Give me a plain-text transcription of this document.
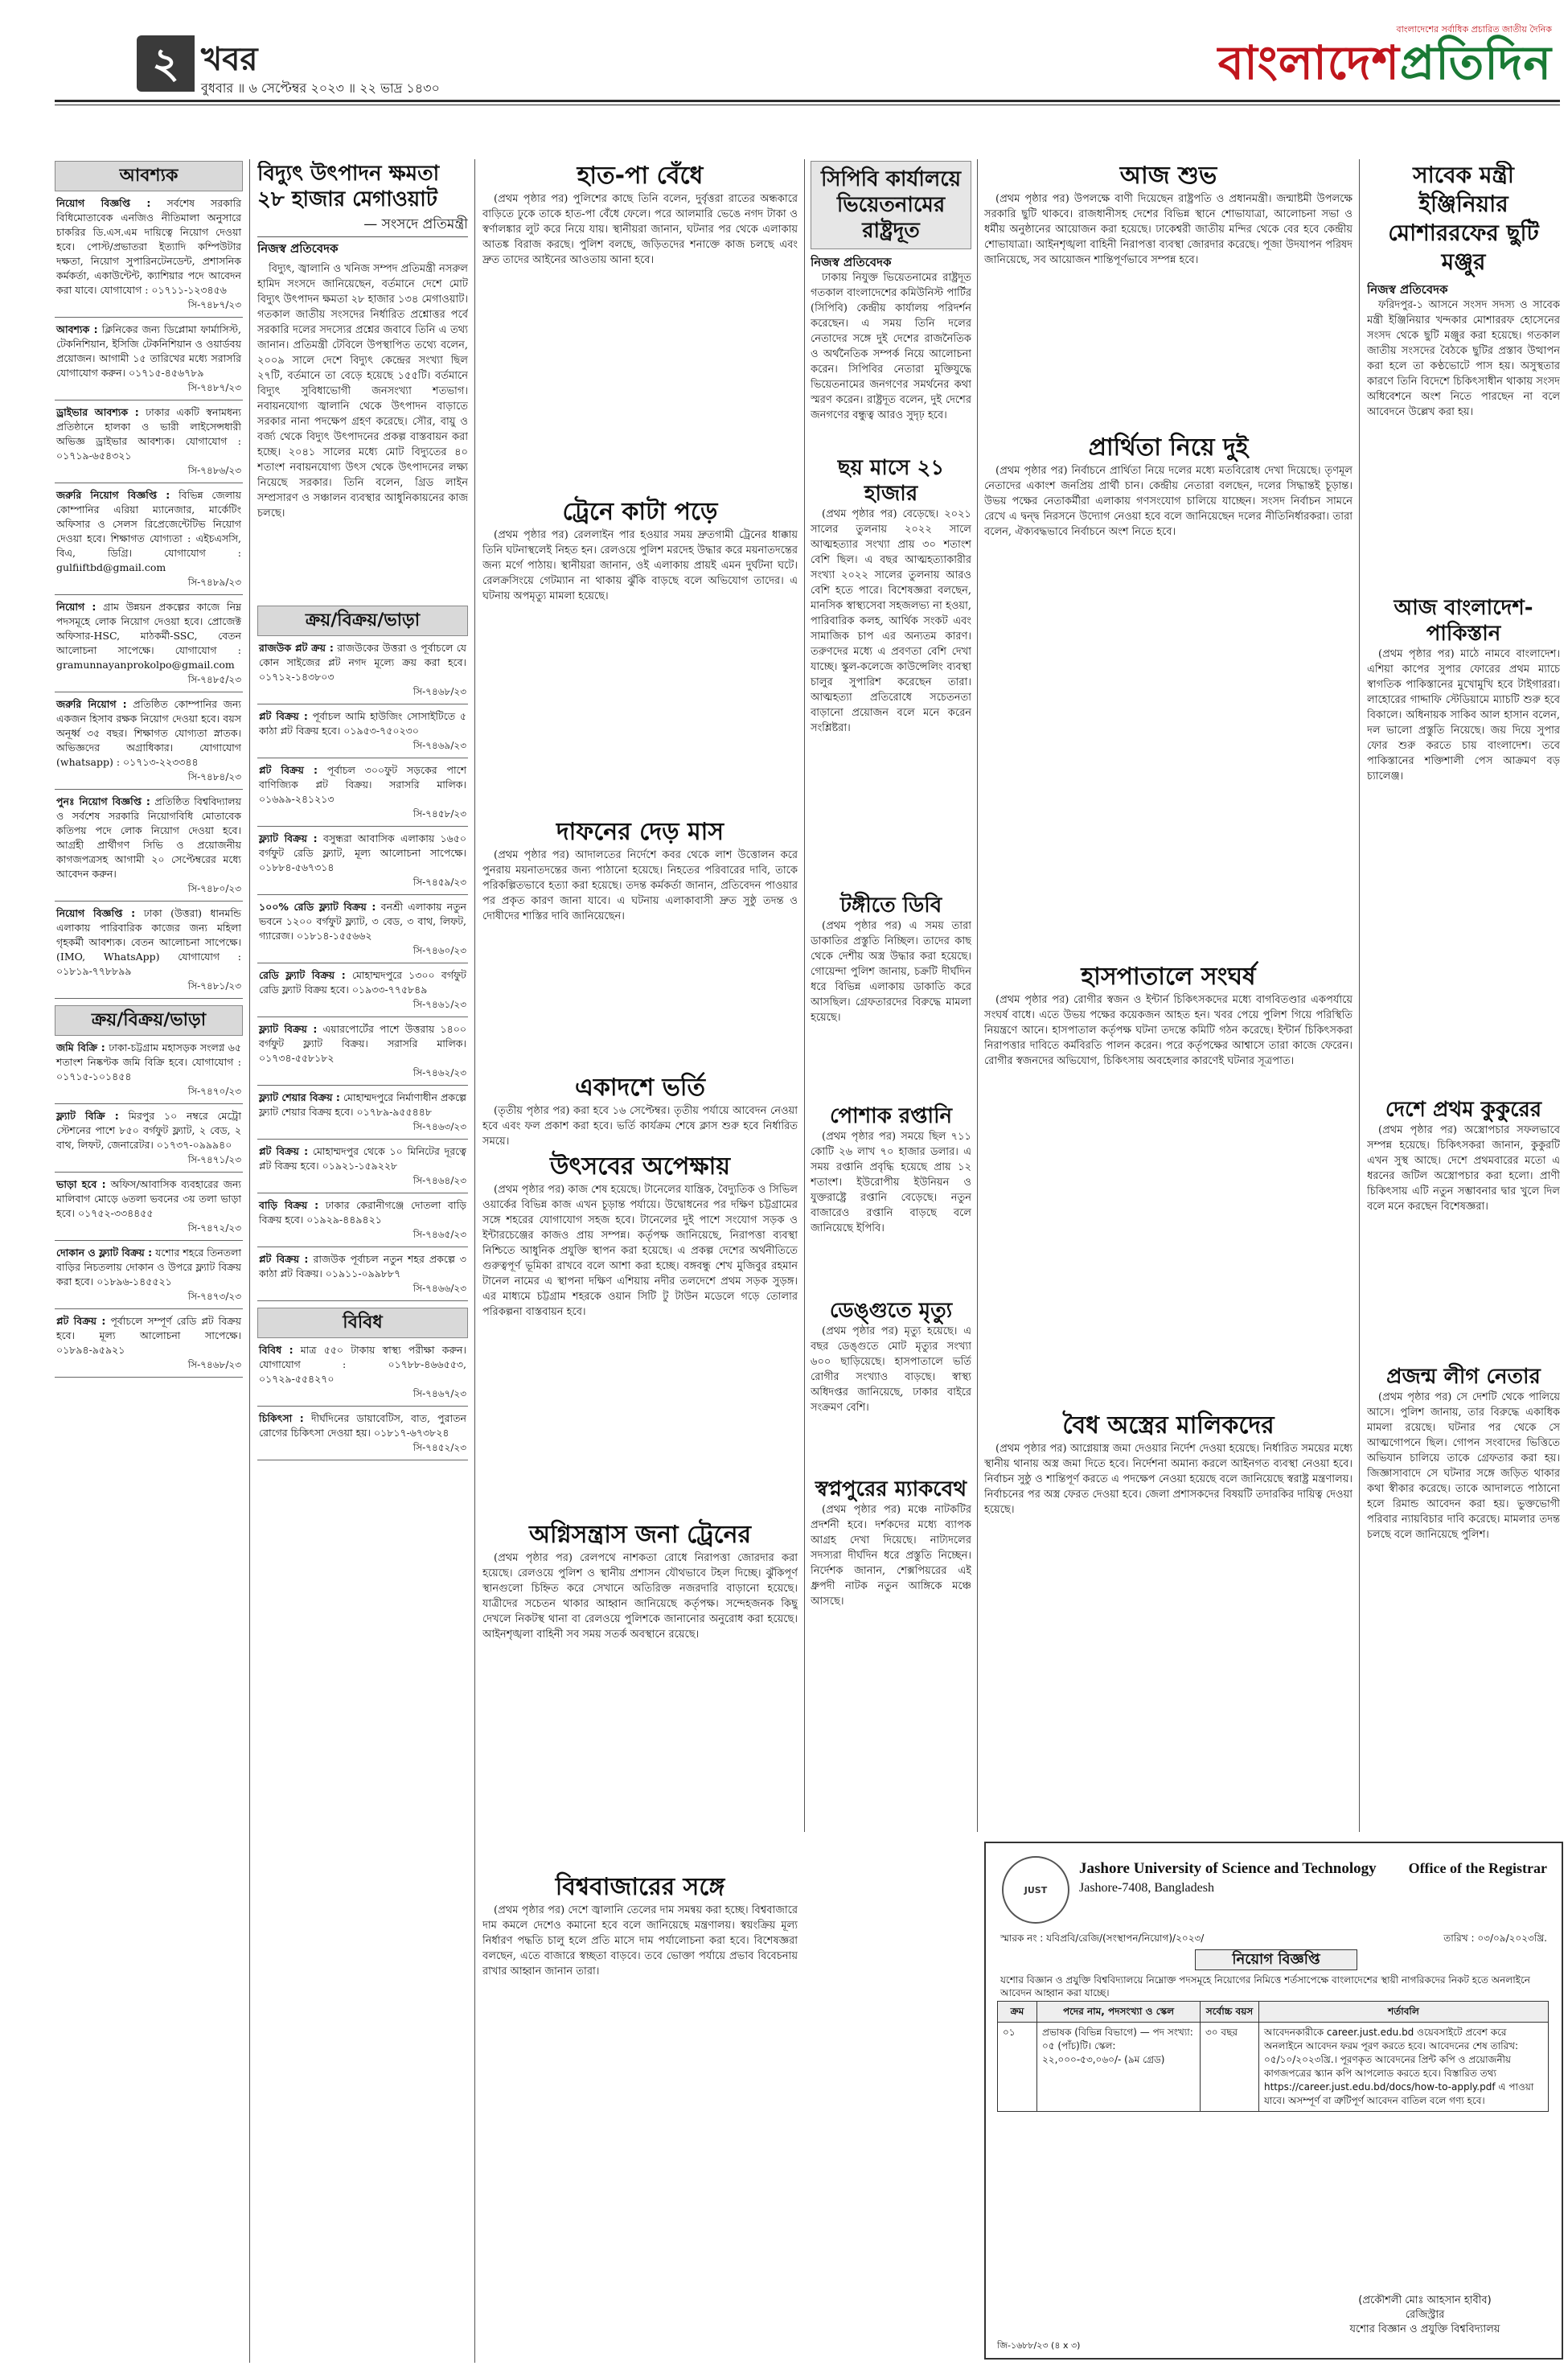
২ খবর
বুধবার ॥ ৬ সেপ্টেম্বর ২০২৩ ॥ ২২ ভাদ্র ১৪৩০
বাংলাদেশের সর্বাধিক প্রচারিত জাতীয় দৈনিক
বাংলাদেশপ্রতিদিন
আবশ্যক
নিয়োগ বিজ্ঞপ্তি : সর্বশেষ সরকারি বিধিমোতাবেক এনজিও নীতিমালা অনুসারে চাকরির ডি.এস.এম দায়িত্বে নিয়োগ দেওয়া হবে। পোস্ট/প্রভাতরা ইত্যাদি কম্পিউটার দক্ষতা, নিয়োগ সুপারিনটেনডেন্ট, প্রশাসনিক কর্মকর্তা, একাউন্টেন্ট, ক্যাশিয়ার পদে আবেদন করা যাবে। যোগাযোগ : ০১৭১১-১২৩৪৫৬
সি-৭৪৮৭/২৩
আবশ্যক : ক্লিনিকের জন্য ডিপ্লোমা ফার্মাসিস্ট, টেকনিশিয়ান, ইসিজি টেকনিশিয়ান ও ওয়ার্ডবয় প্রয়োজন। আগামী ১৫ তারিখের মধ্যে সরাসরি যোগাযোগ করুন। ০১৭১৫-৪৫৬৭৮৯
সি-৭৪৮৭/২৩
ড্রাইভার আবশ্যক : ঢাকার একটি স্বনামধন্য প্রতিষ্ঠানে হালকা ও ভারী লাইসেন্সধারী অভিজ্ঞ ড্রাইভার আবশ্যক। যোগাযোগ : ০১৭১৯-৬৫৪৩২১
সি-৭৪৮৬/২৩
জরুরি নিয়োগ বিজ্ঞপ্তি : বিভিন্ন জেলায় কোম্পানির এরিয়া ম্যানেজার, মার্কেটিং অফিসার ও সেলস রিপ্রেজেন্টেটিভ নিয়োগ দেওয়া হবে। শিক্ষাগত যোগ্যতা : এইচএসসি, বিএ, ডিগ্রি। যোগাযোগ : gulfiiftbd@gmail.com
সি-৭৪৮৯/২৩
নিয়োগ : গ্রাম উন্নয়ন প্রকল্পের কাজে নিম্ন পদসমূহে লোক নিয়োগ দেওয়া হবে। প্রোজেক্ট অফিসার-HSC, মাঠকর্মী-SSC, বেতন আলোচনা সাপেক্ষে। যোগাযোগ : gramunnayanprokolpo@gmail.com
সি-৭৪৮৫/২৩
জরুরি নিয়োগ : প্রতিষ্ঠিত কোম্পানির জন্য একজন হিসাব রক্ষক নিয়োগ দেওয়া হবে। বয়স অনূর্ধ্ব ৩৫ বছর। শিক্ষাগত যোগ্যতা স্নাতক। অভিজ্ঞদের অগ্রাধিকার। যোগাযোগ (whatsapp) : ০১৭১৩-২২৩৩৪৪
সি-৭৪৮৪/২৩
পুনঃ নিয়োগ বিজ্ঞপ্তি : প্রতিষ্ঠিত বিশ্ববিদ্যালয় ও সর্বশেষ সরকারি নিয়োগবিধি মোতাবেক কতিপয় পদে লোক নিয়োগ দেওয়া হবে। আগ্রহী প্রার্থীগণ সিভি ও প্রয়োজনীয় কাগজপত্রসহ আগামী ২০ সেপ্টেম্বরের মধ্যে আবেদন করুন।
সি-৭৪৮০/২৩
নিয়োগ বিজ্ঞপ্তি : ঢাকা (উত্তরা) ধানমন্ডি এলাকায় পারিবারিক কাজের জন্য মহিলা গৃহকর্মী আবশ্যক। বেতন আলোচনা সাপেক্ষে। (IMO, WhatsApp) যোগাযোগ : ০১৮১৯-৭৭৮৮৯৯
সি-৭৪৮১/২৩
ক্রয়/বিক্রয়/ভাড়া
জমি বিক্রি : ঢাকা-চট্টগ্রাম মহাসড়ক সংলগ্ন ৬৫ শতাংশ নিষ্কণ্টক জমি বিক্রি হবে। যোগাযোগ : ০১৭১৫-১০১৪৫৪
সি-৭৪৭০/২৩
ফ্ল্যাট বিক্রি : মিরপুর ১০ নম্বরে মেট্রো স্টেশনের পাশে ৮৫০ বর্গফুট ফ্ল্যাট, ২ বেড, ২ বাথ, লিফট, জেনারেটর। ০১৭৩৭-০৯৯৯৪০
সি-৭৪৭১/২৩
ভাড়া হবে : অফিস/আবাসিক ব্যবহারের জন্য মালিবাগ মোড়ে ৬তলা ভবনের ৩য় তলা ভাড়া হবে। ০১৭৫২-৩৩৪৪৫৫
সি-৭৪৭২/২৩
দোকান ও ফ্ল্যাট বিক্রয় : যশোর শহরে তিনতলা বাড়ির নিচতলায় দোকান ও উপরে ফ্ল্যাট বিক্রয় করা হবে। ০১৮৯৬-১৪৫৫২১
সি-৭৪৭৩/২৩
প্লট বিক্রয় : পূর্বাচলে সম্পূর্ণ রেডি প্লট বিক্রয় হবে। মূল্য আলোচনা সাপেক্ষে। ০১৮৯৪-৯৫৯২১
সি-৭৪৬৮/২৩
বিদ্যুৎ উৎপাদন ক্ষমতা ২৮ হাজার মেগাওয়াট
— সংসদে প্রতিমন্ত্রী
নিজস্ব প্রতিবেদক

বিদ্যুৎ, জ্বালানি ও খনিজ সম্পদ প্রতিমন্ত্রী নসরুল হামিদ সংসদে জানিয়েছেন, বর্তমানে দেশে মোট বিদ্যুৎ উৎপাদন ক্ষমতা ২৮ হাজার ১৩৪ মেগাওয়াট। গতকাল জাতীয় সংসদের নির্ধারিত প্রশ্নোত্তর পর্বে সরকারি দলের সদস্যের প্রশ্নের জবাবে তিনি এ তথ্য জানান। প্রতিমন্ত্রী টেবিলে উপস্থাপিত তথ্যে বলেন, ২০০৯ সালে দেশে বিদ্যুৎ কেন্দ্রের সংখ্যা ছিল ২৭টি, বর্তমানে তা বেড়ে হয়েছে ১৫৫টি। বর্তমানে বিদ্যুৎ সুবিধাভোগী জনসংখ্যা শতভাগ। নবায়নযোগ্য জ্বালানি থেকে উৎপাদন বাড়াতে সরকার নানা পদক্ষেপ গ্রহণ করেছে। সৌর, বায়ু ও বর্জ্য থেকে বিদ্যুৎ উৎপাদনের প্রকল্প বাস্তবায়ন করা হচ্ছে। ২০৪১ সালের মধ্যে মোট বিদ্যুতের ৪০ শতাংশ নবায়নযোগ্য উৎস থেকে উৎপাদনের লক্ষ্য নিয়েছে সরকার। তিনি বলেন, গ্রিড লাইন সম্প্রসারণ ও সঞ্চালন ব্যবস্থার আধুনিকায়নের কাজ চলছে।

ক্রয়/বিক্রয়/ভাড়া
রাজউক প্লট ক্রয় : রাজউকের উত্তরা ও পূর্বাচলে যে কোন সাইজের প্লট নগদ মূল্যে ক্রয় করা হবে। ০১৭১২-১৪৩৮০৩
সি-৭৪৬৮/২৩
প্লট বিক্রয় : পূর্বাচল আমি হাউজিং সোসাইটিতে ৫ কাঠা প্লট বিক্রয় হবে। ০১৯৫৩-৭৫০২৩০
সি-৭৪৬৯/২৩
প্লট বিক্রয় : পূর্বাচল ৩০০ফুট সড়কের পাশে বাণিজ্যিক প্লট বিক্রয়। সরাসরি মালিক। ০১৬৯৯-২৪১২১৩
সি-৭৪৫৮/২৩
ফ্ল্যাট বিক্রয় : বসুন্ধরা আবাসিক এলাকায় ১৬৫০ বর্গফুট রেডি ফ্ল্যাট, মূল্য আলোচনা সাপেক্ষে। ০১৮৮৪-৫৬৭৩১৪
সি-৭৪৫৯/২৩
১০০% রেডি ফ্ল্যাট বিক্রয় : বনশ্রী এলাকায় নতুন ভবনে ১২০০ বর্গফুট ফ্ল্যাট, ৩ বেড, ৩ বাথ, লিফট, গ্যারেজ। ০১৮১৪-১৫৫৬৬২
সি-৭৪৬০/২৩
রেডি ফ্ল্যাট বিক্রয় : মোহাম্মদপুরে ১৩০০ বর্গফুট রেডি ফ্ল্যাট বিক্রয় হবে। ০১৯৩৩-৭৭৫৮৪৯
সি-৭৪৬১/২৩
ফ্ল্যাট বিক্রয় : এয়ারপোর্টের পাশে উত্তরায় ১৪০০ বর্গফুট ফ্ল্যাট বিক্রয়। সরাসরি মালিক। ০১৭৩৪-৫৫৮১৮২
সি-৭৪৬২/২৩
ফ্ল্যাট শেয়ার বিক্রয় : মোহাম্মদপুরে নির্মাণাধীন প্রকল্পে ফ্ল্যাট শেয়ার বিক্রয় হবে। ০১৭৮৯-৯৫৫৪৪৮
সি-৭৪৬৩/২৩
প্লট বিক্রয় : মোহাম্মদপুর থেকে ১০ মিনিটের দূরত্বে প্লট বিক্রয় হবে। ০১৯২১-১৫৯২২৮
সি-৭৪৬৪/২৩
বাড়ি বিক্রয় : ঢাকার কেরানীগঞ্জে দোতলা বাড়ি বিক্রয় হবে। ০১৯২৯-৪৪৯৪২১
সি-৭৪৬৫/২৩
প্লট বিক্রয় : রাজউক পূর্বাচল নতুন শহর প্রকল্পে ৩ কাঠা প্লট বিক্রয়। ০১৯১১-০৯৯৮৮৭
সি-৭৪৬৬/২৩
বিবিধ
বিবিধ : মাত্র ৫৫০ টাকায় স্বাস্থ্য পরীক্ষা করুন। যোগাযোগ : ০১৭৮৮-৪৬৬৫৫৩, ০১৭২৯-৫৫৪২৭০
সি-৭৪৬৭/২৩
চিকিৎসা : দীর্ঘদিনের ডায়াবেটিস, বাত, পুরাতন রোগের চিকিৎসা দেওয়া হয়। ০১৮১৭-৬৭৩৮২৪
সি-৭৪৫২/২৩
হাত-পা বেঁধে

(প্রথম পৃষ্ঠার পর) পুলিশের কাছে তিনি বলেন, দুর্বৃত্তরা রাতের অন্ধকারে বাড়িতে ঢুকে তাকে হাত-পা বেঁধে ফেলে। পরে আলমারি ভেঙে নগদ টাকা ও স্বর্ণালঙ্কার লুট করে নিয়ে যায়। স্থানীয়রা জানান, ঘটনার পর থেকে এলাকায় আতঙ্ক বিরাজ করছে। পুলিশ বলছে, জড়িতদের শনাক্তে কাজ চলছে এবং দ্রুত তাদের আইনের আওতায় আনা হবে।

ট্রেনে কাটা পড়ে

(প্রথম পৃষ্ঠার পর) রেললাইন পার হওয়ার সময় দ্রুতগামী ট্রেনের ধাক্কায় তিনি ঘটনাস্থলেই নিহত হন। রেলওয়ে পুলিশ মরদেহ উদ্ধার করে ময়নাতদন্তের জন্য মর্গে পাঠায়। স্থানীয়রা জানান, ওই এলাকায় প্রায়ই এমন দুর্ঘটনা ঘটে। রেলক্রসিংয়ে গেটম্যান না থাকায় ঝুঁকি বাড়ছে বলে অভিযোগ তাদের। এ ঘটনায় অপমৃত্যু মামলা হয়েছে।

দাফনের দেড় মাস

(প্রথম পৃষ্ঠার পর) আদালতের নির্দেশে কবর থেকে লাশ উত্তোলন করে পুনরায় ময়নাতদন্তের জন্য পাঠানো হয়েছে। নিহতের পরিবারের দাবি, তাকে পরিকল্পিতভাবে হত্যা করা হয়েছে। তদন্ত কর্মকর্তা জানান, প্রতিবেদন পাওয়ার পর প্রকৃত কারণ জানা যাবে। এ ঘটনায় এলাকাবাসী দ্রুত সুষ্ঠু তদন্ত ও দোষীদের শাস্তির দাবি জানিয়েছেন।

একাদশে ভর্তি

(তৃতীয় পৃষ্ঠার পর) করা হবে ১৬ সেপ্টেম্বর। তৃতীয় পর্যায়ে আবেদন নেওয়া হবে এবং ফল প্রকাশ করা হবে। ভর্তি কার্যক্রম শেষে ক্লাস শুরু হবে নির্ধারিত সময়ে।

উৎসবের অপেক্ষায়

(প্রথম পৃষ্ঠার পর) কাজ শেষ হয়েছে। টানেলের যান্ত্রিক, বৈদ্যুতিক ও সিভিল ওয়ার্কের বিভিন্ন কাজ এখন চূড়ান্ত পর্যায়ে। উদ্বোধনের পর দক্ষিণ চট্টগ্রামের সঙ্গে শহরের যোগাযোগ সহজ হবে। টানেলের দুই পাশে সংযোগ সড়ক ও ইন্টারচেঞ্জের কাজও প্রায় সম্পন্ন। কর্তৃপক্ষ জানিয়েছে, নিরাপত্তা ব্যবস্থা নিশ্চিতে আধুনিক প্রযুক্তি স্থাপন করা হয়েছে। এ প্রকল্প দেশের অর্থনীতিতে গুরুত্বপূর্ণ ভূমিকা রাখবে বলে আশা করা হচ্ছে। বঙ্গবন্ধু শেখ মুজিবুর রহমান টানেল নামের এ স্থাপনা দক্ষিণ এশিয়ায় নদীর তলদেশে প্রথম সড়ক সুড়ঙ্গ। এর মাধ্যমে চট্টগ্রাম শহরকে ওয়ান সিটি টু টাউন মডেলে গড়ে তোলার পরিকল্পনা বাস্তবায়ন হবে।

অগ্নিসন্ত্রাস জনা ট্রেনের

(প্রথম পৃষ্ঠার পর) রেলপথে নাশকতা রোধে নিরাপত্তা জোরদার করা হয়েছে। রেলওয়ে পুলিশ ও স্থানীয় প্রশাসন যৌথভাবে টহল দিচ্ছে। ঝুঁকিপূর্ণ স্থানগুলো চিহ্নিত করে সেখানে অতিরিক্ত নজরদারি বাড়ানো হয়েছে। যাত্রীদের সচেতন থাকার আহ্বান জানিয়েছে কর্তৃপক্ষ। সন্দেহজনক কিছু দেখলে নিকটস্থ থানা বা রেলওয়ে পুলিশকে জানানোর অনুরোধ করা হয়েছে। আইনশৃঙ্খলা বাহিনী সব সময় সতর্ক অবস্থানে রয়েছে।

বিশ্ববাজারের সঙ্গে

(প্রথম পৃষ্ঠার পর) দেশে জ্বালানি তেলের দাম সমন্বয় করা হচ্ছে। বিশ্ববাজারে দাম কমলে দেশেও কমানো হবে বলে জানিয়েছে মন্ত্রণালয়। স্বয়ংক্রিয় মূল্য নির্ধারণ পদ্ধতি চালু হলে প্রতি মাসে দাম পর্যালোচনা করা হবে। বিশেষজ্ঞরা বলছেন, এতে বাজারে স্বচ্ছতা বাড়বে। তবে ভোক্তা পর্যায়ে প্রভাব বিবেচনায় রাখার আহ্বান জানান তারা।

সিপিবি কার্যালয়ে ভিয়েতনামের রাষ্ট্রদূত
নিজস্ব প্রতিবেদক

ঢাকায় নিযুক্ত ভিয়েতনামের রাষ্ট্রদূত গতকাল বাংলাদেশের কমিউনিস্ট পার্টির (সিপিবি) কেন্দ্রীয় কার্যালয় পরিদর্শন করেছেন। এ সময় তিনি দলের নেতাদের সঙ্গে দুই দেশের রাজনৈতিক ও অর্থনৈতিক সম্পর্ক নিয়ে আলোচনা করেন। সিপিবির নেতারা মুক্তিযুদ্ধে ভিয়েতনামের জনগণের সমর্থনের কথা স্মরণ করেন। রাষ্ট্রদূত বলেন, দুই দেশের জনগণের বন্ধুত্ব আরও সুদৃঢ় হবে।

ছয় মাসে ২১ হাজার

(প্রথম পৃষ্ঠার পর) বেড়েছে। ২০২১ সালের তুলনায় ২০২২ সালে আত্মহত্যার সংখ্যা প্রায় ৩০ শতাংশ বেশি ছিল। এ বছর আত্মহত্যাকারীর সংখ্যা ২০২২ সালের তুলনায় আরও বেশি হতে পারে। বিশেষজ্ঞরা বলছেন, মানসিক স্বাস্থ্যসেবা সহজলভ্য না হওয়া, পারিবারিক কলহ, আর্থিক সংকট এবং সামাজিক চাপ এর অন্যতম কারণ। তরুণদের মধ্যে এ প্রবণতা বেশি দেখা যাচ্ছে। স্কুল-কলেজে কাউন্সেলিং ব্যবস্থা চালুর সুপারিশ করেছেন তারা। আত্মহত্যা প্রতিরোধে সচেতনতা বাড়ানো প্রয়োজন বলে মনে করেন সংশ্লিষ্টরা।

টঙ্গীতে ডিবি

(প্রথম পৃষ্ঠার পর) এ সময় তারা ডাকাতির প্রস্তুতি নিচ্ছিল। তাদের কাছ থেকে দেশীয় অস্ত্র উদ্ধার করা হয়েছে। গোয়েন্দা পুলিশ জানায়, চক্রটি দীর্ঘদিন ধরে বিভিন্ন এলাকায় ডাকাতি করে আসছিল। গ্রেফতারদের বিরুদ্ধে মামলা হয়েছে।

পোশাক রপ্তানি

(প্রথম পৃষ্ঠার পর) সময়ে ছিল ৭১১ কোটি ২৬ লাখ ৭০ হাজার ডলার। এ সময় রপ্তানি প্রবৃদ্ধি হয়েছে প্রায় ১২ শতাংশ। ইউরোপীয় ইউনিয়ন ও যুক্তরাষ্ট্রে রপ্তানি বেড়েছে। নতুন বাজারেও রপ্তানি বাড়ছে বলে জানিয়েছে ইপিবি।

ডেঙ্গুতে মৃত্যু

(প্রথম পৃষ্ঠার পর) মৃত্যু হয়েছে। এ বছর ডেঙ্গুতে মোট মৃত্যুর সংখ্যা ৬০০ ছাড়িয়েছে। হাসপাতালে ভর্তি রোগীর সংখ্যাও বাড়ছে। স্বাস্থ্য অধিদপ্তর জানিয়েছে, ঢাকার বাইরে সংক্রমণ বেশি।

স্বপ্নপুরের ম্যাকবেথ

(প্রথম পৃষ্ঠার পর) মঞ্চে নাটকটির প্রদর্শনী হবে। দর্শকদের মধ্যে ব্যাপক আগ্রহ দেখা দিয়েছে। নাট্যদলের সদস্যরা দীর্ঘদিন ধরে প্রস্তুতি নিচ্ছেন। নির্দেশক জানান, শেক্সপিয়রের এই ধ্রুপদী নাটক নতুন আঙ্গিকে মঞ্চে আসছে।

আজ শুভ

(প্রথম পৃষ্ঠার পর) উপলক্ষে বাণী দিয়েছেন রাষ্ট্রপতি ও প্রধানমন্ত্রী। জন্মাষ্টমী উপলক্ষে সরকারি ছুটি থাকবে। রাজধানীসহ দেশের বিভিন্ন স্থানে শোভাযাত্রা, আলোচনা সভা ও ধর্মীয় অনুষ্ঠানের আয়োজন করা হয়েছে। ঢাকেশ্বরী জাতীয় মন্দির থেকে বের হবে কেন্দ্রীয় শোভাযাত্রা। আইনশৃঙ্খলা বাহিনী নিরাপত্তা ব্যবস্থা জোরদার করেছে। পূজা উদযাপন পরিষদ জানিয়েছে, সব আয়োজন শান্তিপূর্ণভাবে সম্পন্ন হবে।

প্রার্থিতা নিয়ে দুই

(প্রথম পৃষ্ঠার পর) নির্বাচনে প্রার্থিতা নিয়ে দলের মধ্যে মতবিরোধ দেখা দিয়েছে। তৃণমূল নেতাদের একাংশ জনপ্রিয় প্রার্থী চান। কেন্দ্রীয় নেতারা বলছেন, দলের সিদ্ধান্তই চূড়ান্ত। উভয় পক্ষের নেতাকর্মীরা এলাকায় গণসংযোগ চালিয়ে যাচ্ছেন। সংসদ নির্বাচন সামনে রেখে এ দ্বন্দ্ব নিরসনে উদ্যোগ নেওয়া হবে বলে জানিয়েছেন দলের নীতিনির্ধারকরা। তারা বলেন, ঐক্যবদ্ধভাবে নির্বাচনে অংশ নিতে হবে।

হাসপাতালে সংঘর্ষ

(প্রথম পৃষ্ঠার পর) রোগীর স্বজন ও ইন্টার্ন চিকিৎসকদের মধ্যে বাগবিতণ্ডার একপর্যায়ে সংঘর্ষ বাধে। এতে উভয় পক্ষের কয়েকজন আহত হন। খবর পেয়ে পুলিশ গিয়ে পরিস্থিতি নিয়ন্ত্রণে আনে। হাসপাতাল কর্তৃপক্ষ ঘটনা তদন্তে কমিটি গঠন করেছে। ইন্টার্ন চিকিৎসকরা নিরাপত্তার দাবিতে কর্মবিরতি পালন করেন। পরে কর্তৃপক্ষের আশ্বাসে তারা কাজে ফেরেন। রোগীর স্বজনদের অভিযোগ, চিকিৎসায় অবহেলার কারণেই ঘটনার সূত্রপাত।

বৈধ অস্ত্রের মালিকদের

(প্রথম পৃষ্ঠার পর) আগ্নেয়াস্ত্র জমা দেওয়ার নির্দেশ দেওয়া হয়েছে। নির্ধারিত সময়ের মধ্যে স্থানীয় থানায় অস্ত্র জমা দিতে হবে। নির্দেশনা অমান্য করলে আইনগত ব্যবস্থা নেওয়া হবে। নির্বাচন সুষ্ঠু ও শান্তিপূর্ণ করতে এ পদক্ষেপ নেওয়া হয়েছে বলে জানিয়েছে স্বরাষ্ট্র মন্ত্রণালয়। নির্বাচনের পর অস্ত্র ফেরত দেওয়া হবে। জেলা প্রশাসকদের বিষয়টি তদারকির দায়িত্ব দেওয়া হয়েছে।

সাবেক মন্ত্রী ইঞ্জিনিয়ার মোশাররফের ছুটি মঞ্জুর
নিজস্ব প্রতিবেদক

ফরিদপুর-১ আসনে সংসদ সদস্য ও সাবেক মন্ত্রী ইঞ্জিনিয়ার খন্দকার মোশাররফ হোসেনের সংসদ থেকে ছুটি মঞ্জুর করা হয়েছে। গতকাল জাতীয় সংসদের বৈঠকে ছুটির প্রস্তাব উত্থাপন করা হলে তা কণ্ঠভোটে পাস হয়। অসুস্থতার কারণে তিনি বিদেশে চিকিৎসাধীন থাকায় সংসদ অধিবেশনে অংশ নিতে পারছেন না বলে আবেদনে উল্লেখ করা হয়।

আজ বাংলাদেশ-পাকিস্তান

(প্রথম পৃষ্ঠার পর) মাঠে নামবে বাংলাদেশ। এশিয়া কাপের সুপার ফোরের প্রথম ম্যাচে স্বাগতিক পাকিস্তানের মুখোমুখি হবে টাইগাররা। লাহোরের গাদ্দাফি স্টেডিয়ামে ম্যাচটি শুরু হবে বিকালে। অধিনায়ক সাকিব আল হাসান বলেন, দল ভালো প্রস্তুতি নিয়েছে। জয় দিয়ে সুপার ফোর শুরু করতে চায় বাংলাদেশ। তবে পাকিস্তানের শক্তিশালী পেস আক্রমণ বড় চ্যালেঞ্জ।

দেশে প্রথম কুকুরের

(প্রথম পৃষ্ঠার পর) অস্ত্রোপচার সফলভাবে সম্পন্ন হয়েছে। চিকিৎসকরা জানান, কুকুরটি এখন সুস্থ আছে। দেশে প্রথমবারের মতো এ ধরনের জটিল অস্ত্রোপচার করা হলো। প্রাণী চিকিৎসায় এটি নতুন সম্ভাবনার দ্বার খুলে দিল বলে মনে করছেন বিশেষজ্ঞরা।

প্রজন্ম লীগ নেতার

(প্রথম পৃষ্ঠার পর) সে দেশটি থেকে পালিয়ে আসে। পুলিশ জানায়, তার বিরুদ্ধে একাধিক মামলা রয়েছে। ঘটনার পর থেকে সে আত্মগোপনে ছিল। গোপন সংবাদের ভিত্তিতে অভিযান চালিয়ে তাকে গ্রেফতার করা হয়। জিজ্ঞাসাবাদে সে ঘটনার সঙ্গে জড়িত থাকার কথা স্বীকার করেছে। তাকে আদালতে পাঠানো হলে রিমান্ড আবেদন করা হয়। ভুক্তভোগী পরিবার ন্যায়বিচার দাবি করেছে। মামলার তদন্ত চলছে বলে জানিয়েছে পুলিশ।

JUST
Jashore University of Science and Technology
Jashore-7408, Bangladesh
Office of the Registrar
স্মারক নং : যবিপ্রবি/রেজি/(সংস্থাপন/নিয়োগ)/২০২৩/	তারিখ : ০৩/০৯/২০২৩খ্রি.
নিয়োগ বিজ্ঞপ্তি
যশোর বিজ্ঞান ও প্রযুক্তি বিশ্ববিদ্যালয়ে নিম্নোক্ত পদসমূহে নিয়োগের নিমিত্তে শর্তসাপেক্ষে বাংলাদেশের স্থায়ী নাগরিকদের নিকট হতে অনলাইনে আবেদন আহ্বান করা যাচ্ছে।
ক্রম	পদের নাম, পদসংখ্যা ও স্কেল	সর্বোচ্চ বয়স	শর্তাবলি
০১	প্রভাষক (বিভিন্ন বিভাগে) — পদ সংখ্যা: ০৫ (পাঁচ)টি। স্কেল: ২২,০০০-৫৩,০৬০/- (৯ম গ্রেড)	৩০ বছর	আবেদনকারীকে career.just.edu.bd ওয়েবসাইটে প্রবেশ করে অনলাইনে আবেদন ফরম পূরণ করতে হবে। আবেদনের শেষ তারিখ: ০৫/১০/২০২৩খ্রি.। পূরণকৃত আবেদনের প্রিন্ট কপি ও প্রয়োজনীয় কাগজপত্রের স্ক্যান কপি আপলোড করতে হবে। বিস্তারিত তথ্য https://career.just.edu.bd/docs/how-to-apply.pdf এ পাওয়া যাবে। অসম্পূর্ণ বা ত্রুটিপূর্ণ আবেদন বাতিল বলে গণ্য হবে।
(প্রকৌশলী মোঃ আহসান হাবীব)
রেজিস্ট্রার
যশোর বিজ্ঞান ও প্রযুক্তি বিশ্ববিদ্যালয়
জি-১৬৮৮/২৩ (৪ x ৩)
